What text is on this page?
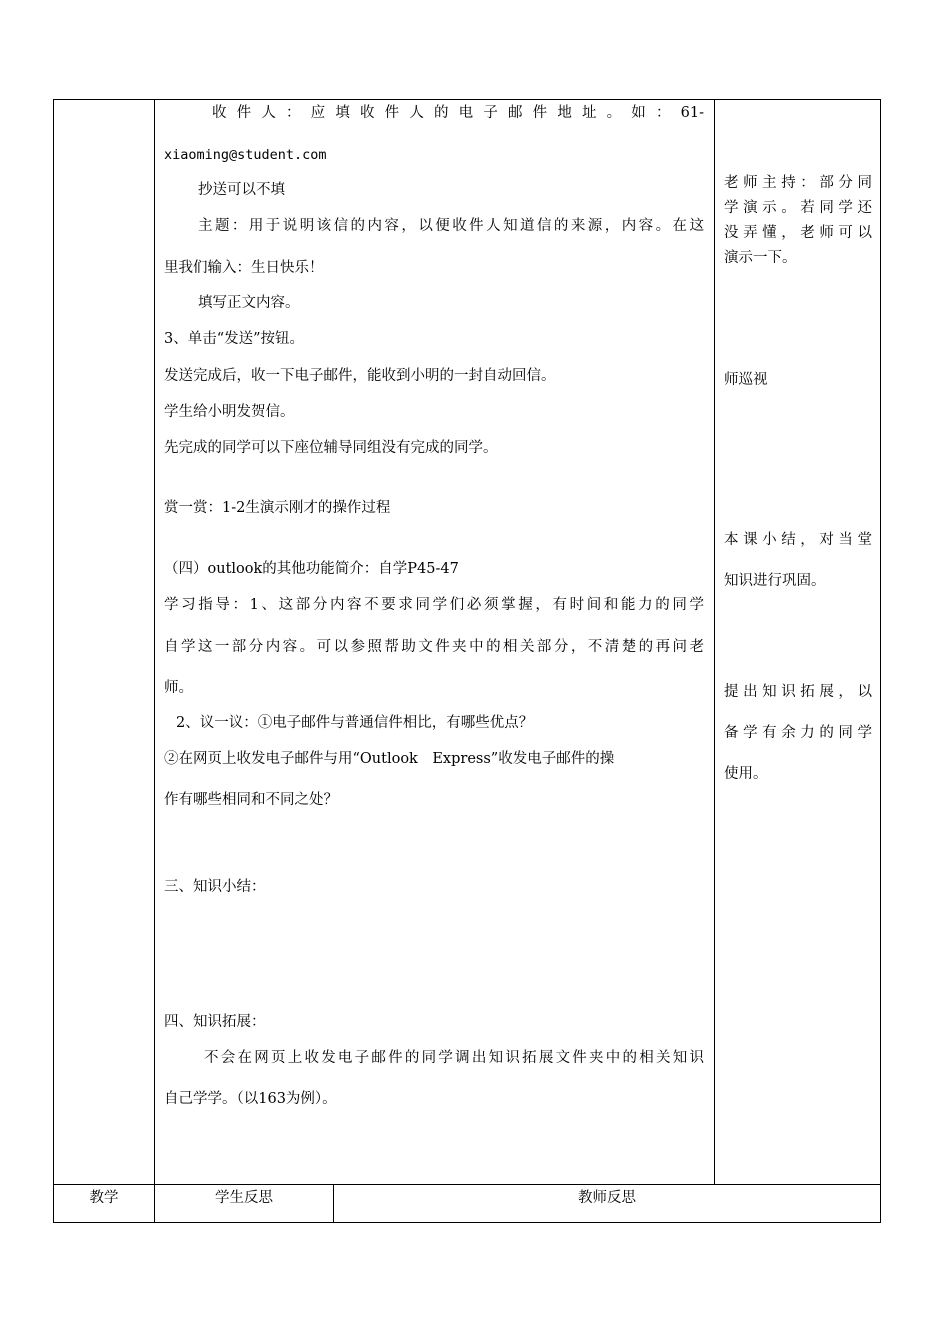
收件人：应填收件人的电子邮件地址。如：61-
xiaoming@student.com
抄送可以不填
主题：用于说明该信的内容，以便收件人知道信的来源，内容。在这
里我们输入：生日快乐！
填写正文内容。
3、单击“发送”按钮。
发送完成后，收一下电子邮件，能收到小明的一封自动回信。
学生给小明发贺信。
先完成的同学可以下座位辅导同组没有完成的同学。
赏一赏：1-2生演示刚才的操作过程
（四）outlook的其他功能简介：自学P45-47
学习指导：1、这部分内容不要求同学们必须掌握，有时间和能力的同学
自学这一部分内容。可以参照帮助文件夹中的相关部分，不清楚的再问老
师。
2、议一议：①电子邮件与普通信件相比，有哪些优点？
②在网页上收发电子邮件与用“Outlook　Express”收发电子邮件的操
作有哪些相同和不同之处？
三、知识小结：
四、知识拓展：
不会在网页上收发电子邮件的同学调出知识拓展文件夹中的相关知识
自己学学。（以163为例）。
老师主持：部分同
学演示。若同学还
没弄懂，老师可以
演示一下。
师巡视
本课小结，对当堂
知识进行巩固。
提出知识拓展，以
备学有余力的同学
使用。
教学	学生反思	教师反思
